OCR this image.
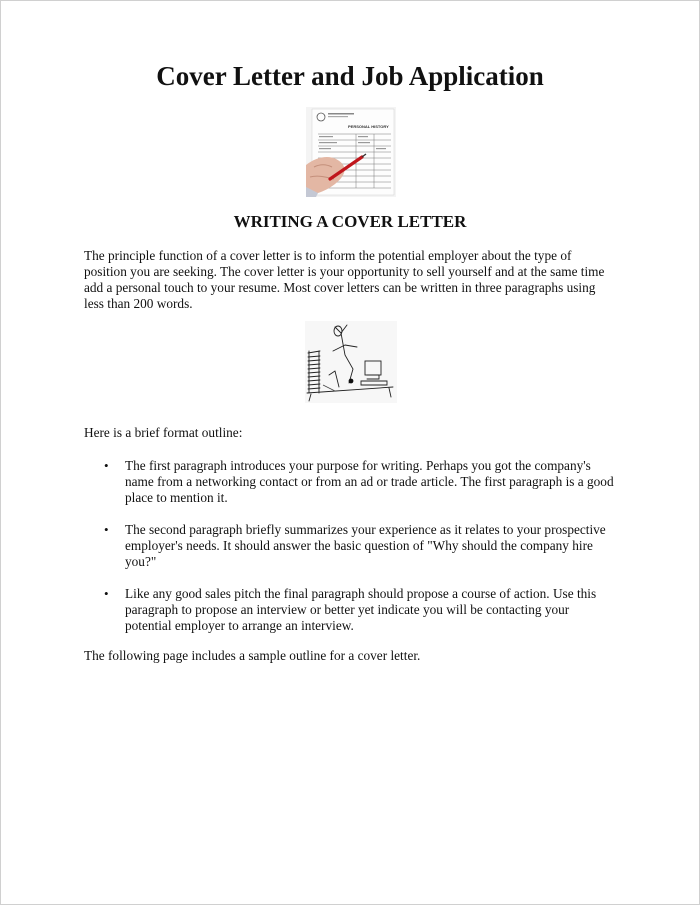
Cover Letter and Job Application
PERSONAL HISTORY
WRITING A COVER LETTER

The principle function of a cover letter is to inform the potential employer about the type of position you are seeking. The cover letter is your opportunity to sell yourself and at the same time add a personal touch to your resume. Most cover letters can be written in three paragraphs using less than 200 words.

Here is a brief format outline:

• The first paragraph introduces your purpose for writing. Perhaps you got the company's name from a networking contact or from an ad or trade article. The first paragraph is a good place to mention it.
• The second paragraph briefly summarizes your experience as it relates to your prospective employer's needs. It should answer the basic question of "Why should the company hire you?"
• Like any good sales pitch the final paragraph should propose a course of action. Use this paragraph to propose an interview or better yet indicate you will be contacting your potential employer to arrange an interview.

The following page includes a sample outline for a cover letter.
